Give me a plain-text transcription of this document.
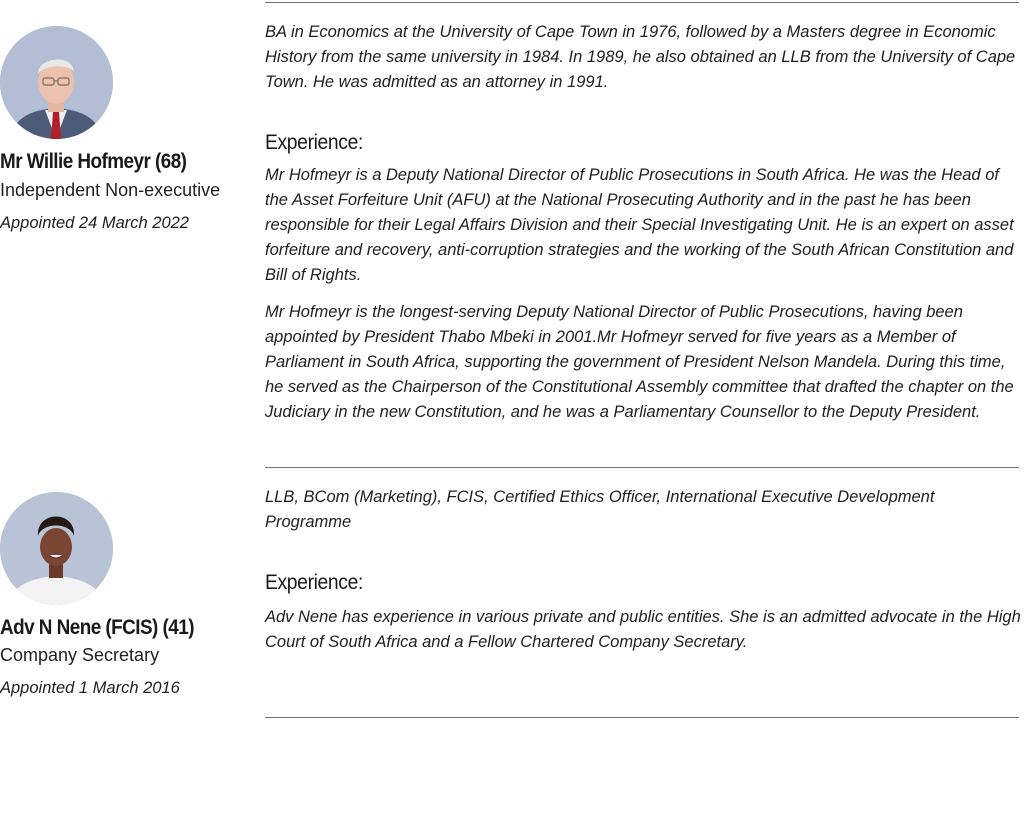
Mr Willie Hofmeyr (68)
Independent Non-executive
Appointed 24 March 2022

BA in Economics at the University of Cape Town in 1976, followed by a Masters degree in Economic History from the same university in 1984. In 1989, he also obtained an LLB from the University of Cape Town. He was admitted as an attorney in 1991.

Experience:

Mr Hofmeyr is a Deputy National Director of Public Prosecutions in South Africa. He was the Head of the Asset Forfeiture Unit (AFU) at the National Prosecuting Authority and in the past he has been responsible for their Legal Affairs Division and their Special Investigating Unit. He is an expert on asset forfeiture and recovery, anti-corruption strategies and the working of the South African Constitution and Bill of Rights.

Mr Hofmeyr is the longest-serving Deputy National Director of Public Prosecutions, having been appointed by President Thabo Mbeki in 2001.Mr Hofmeyr served for five years as a Member of Parliament in South Africa, supporting the government of President Nelson Mandela. During this time, he served as the Chairperson of the Constitutional Assembly committee that drafted the chapter on the Judiciary in the new Constitution, and he was a Parliamentary Counsellor to the Deputy President.

Adv N Nene (FCIS) (41)
Company Secretary
Appointed 1 March 2016

LLB, BCom (Marketing), FCIS, Certified Ethics Officer, International Executive Development Programme

Experience:

Adv Nene has experience in various private and public entities. She is an admitted advocate in the High Court of South Africa and a Fellow Chartered Company Secretary.
